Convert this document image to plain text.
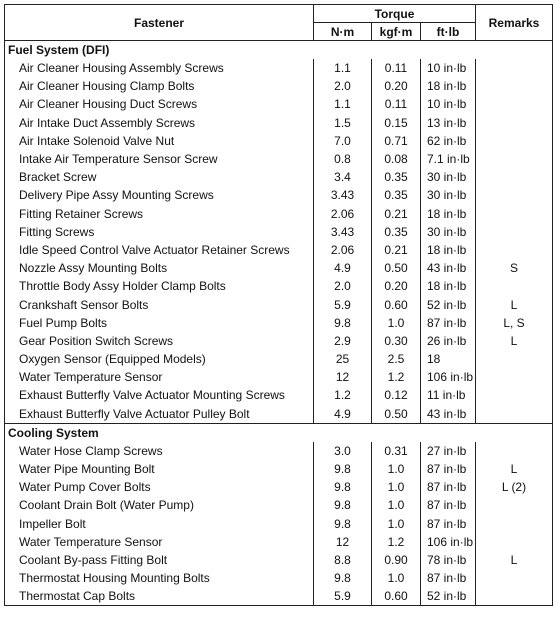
Fastener	Torque			Remarks
	N·m	kgf·m	ft·lb	
Fuel System (DFI)				
Air Cleaner Housing Assembly Screws	1.1	0.11	10 in·lb	
Air Cleaner Housing Clamp Bolts	2.0	0.20	18 in·lb	
Air Cleaner Housing Duct Screws	1.1	0.11	10 in·lb	
Air Intake Duct Assembly Screws	1.5	0.15	13 in·lb	
Air Intake Solenoid Valve Nut	7.0	0.71	62 in·lb	
Intake Air Temperature Sensor Screw	0.8	0.08	7.1 in·lb	
Bracket Screw	3.4	0.35	30 in·lb	
Delivery Pipe Assy Mounting Screws	3.43	0.35	30 in·lb	
Fitting Retainer Screws	2.06	0.21	18 in·lb	
Fitting Screws	3.43	0.35	30 in·lb	
Idle Speed Control Valve Actuator Retainer Screws	2.06	0.21	18 in·lb	
Nozzle Assy Mounting Bolts	4.9	0.50	43 in·lb	S
Throttle Body Assy Holder Clamp Bolts	2.0	0.20	18 in·lb	
Crankshaft Sensor Bolts	5.9	0.60	52 in·lb	L
Fuel Pump Bolts	9.8	1.0	87 in·lb	L, S
Gear Position Switch Screws	2.9	0.30	26 in·lb	L
Oxygen Sensor (Equipped Models)	25	2.5	18	
Water Temperature Sensor	12	1.2	106 in·lb	
Exhaust Butterfly Valve Actuator Mounting Screws	1.2	0.12	11 in·lb	
Exhaust Butterfly Valve Actuator Pulley Bolt	4.9	0.50	43 in·lb	
Cooling System				
Water Hose Clamp Screws	3.0	0.31	27 in·lb	
Water Pipe Mounting Bolt	9.8	1.0	87 in·lb	L
Water Pump Cover Bolts	9.8	1.0	87 in·lb	L (2)
Coolant Drain Bolt (Water Pump)	9.8	1.0	87 in·lb	
Impeller Bolt	9.8	1.0	87 in·lb	
Water Temperature Sensor	12	1.2	106 in·lb	
Coolant By-pass Fitting Bolt	8.8	0.90	78 in·lb	L
Thermostat Housing Mounting Bolts	9.8	1.0	87 in·lb	
Thermostat Cap Bolts	5.9	0.60	52 in·lb	
